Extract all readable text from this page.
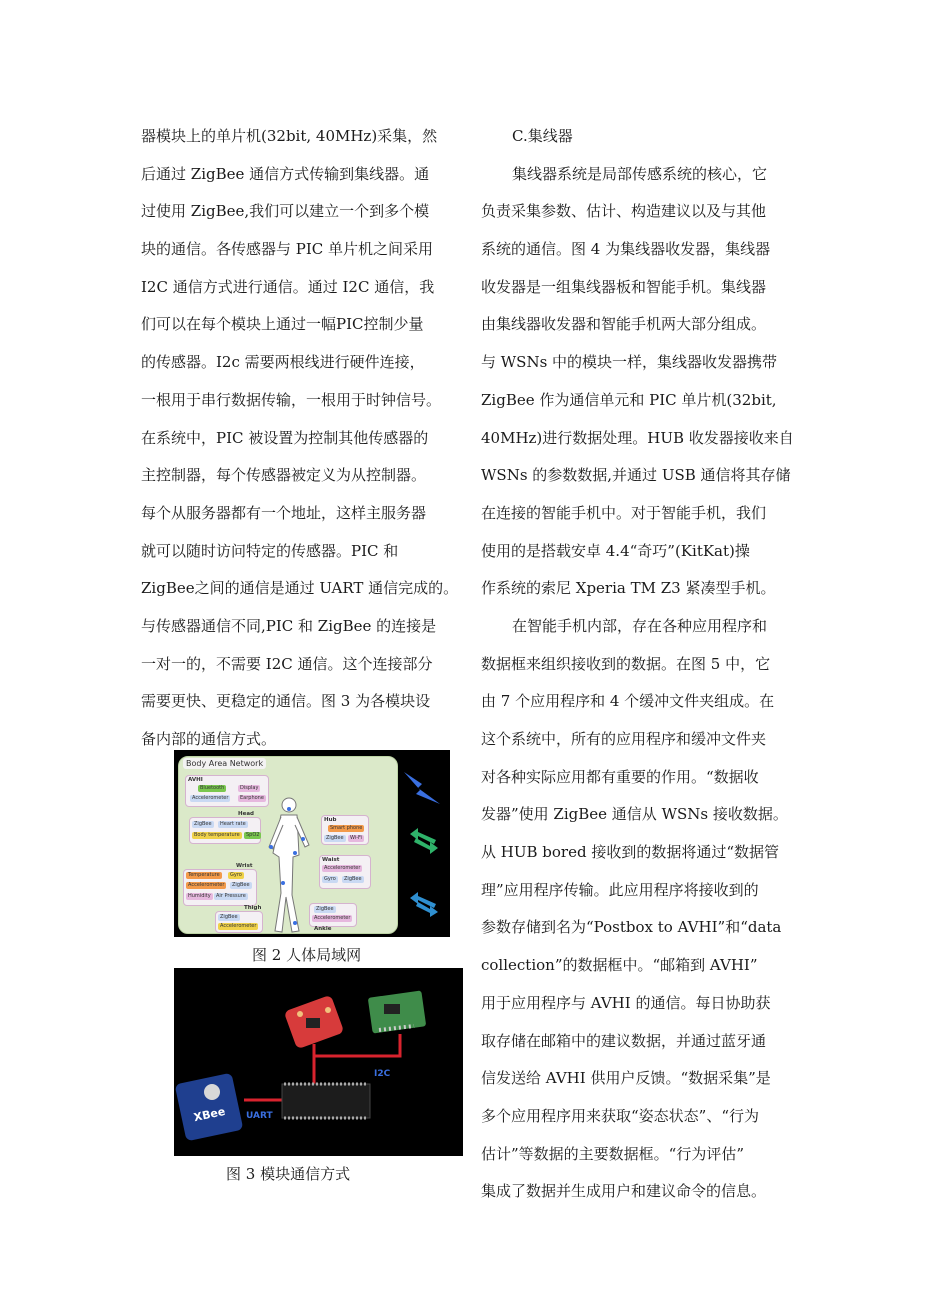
器模块上的单片机(32bit, 40MHz)采集，然
后通过 ZigBee 通信方式传输到集线器。通
过使用 ZigBee,我们可以建立一个到多个模
块的通信。各传感器与 PIC 单片机之间采用
I2C 通信方式进行通信。通过 I2C 通信，我
们可以在每个模块上通过一幅PIC控制少量
的传感器。I2c 需要两根线进行硬件连接，
一根用于串行数据传输，一根用于时钟信号。
在系统中，PIC 被设置为控制其他传感器的
主控制器，每个传感器被定义为从控制器。
每个从服务器都有一个地址，这样主服务器
就可以随时访问特定的传感器。PIC 和
ZigBee之间的通信是通过 UART 通信完成的。
与传感器通信不同,PIC 和 ZigBee 的连接是
一对一的，不需要 I2C 通信。这个连接部分
需要更快、更稳定的通信。图 3 为各模块设
备内部的通信方式。
Body Area Network
AVHI
Bluetooth	Display
Accelerometer	Earphone
Head
ZigBee	Heart rate
Body temperature	SpO2
Hub
Smart phone
ZigBee	Wi-Fi
Wrist
Temperature	Gyro
Accelerometer	ZigBee
Humidity	Air Pressure
Waist
Accelerometer
Gyro	ZigBee
Thigh
ZigBee
Accelerometer
ZigBee
Accelerometer
Ankle
图 2 人体局域网
XBee UART
I2C
图 3 模块通信方式
C.集线器
集线器系统是局部传感系统的核心，它
负责采集参数、估计、构造建议以及与其他
系统的通信。图 4 为集线器收发器，集线器
收发器是一组集线器板和智能手机。集线器
由集线器收发器和智能手机两大部分组成。
与 WSNs 中的模块一样，集线器收发器携带
ZigBee 作为通信单元和 PIC 单片机(32bit,
40MHz)进行数据处理。HUB 收发器接收来自
WSNs 的参数数据,并通过 USB 通信将其存储
在连接的智能手机中。对于智能手机，我们
使用的是搭载安卓 4.4“奇巧”(KitKat)操
作系统的索尼 Xperia TM Z3 紧凑型手机。
在智能手机内部，存在各种应用程序和
数据框来组织接收到的数据。在图 5 中，它
由 7 个应用程序和 4 个缓冲文件夹组成。在
这个系统中，所有的应用程序和缓冲文件夹
对各种实际应用都有重要的作用。“数据收
发器”使用 ZigBee 通信从 WSNs 接收数据。
从 HUB bored 接收到的数据将通过“数据管
理”应用程序传输。此应用程序将接收到的
参数存储到名为“Postbox to AVHI”和“data
collection”的数据框中。“邮箱到 AVHI”
用于应用程序与 AVHI 的通信。每日协助获
取存储在邮箱中的建议数据，并通过蓝牙通
信发送给 AVHI 供用户反馈。“数据采集”是
多个应用程序用来获取“姿态状态”、“行为
估计”等数据的主要数据框。“行为评估”
集成了数据并生成用户和建议命令的信息。
